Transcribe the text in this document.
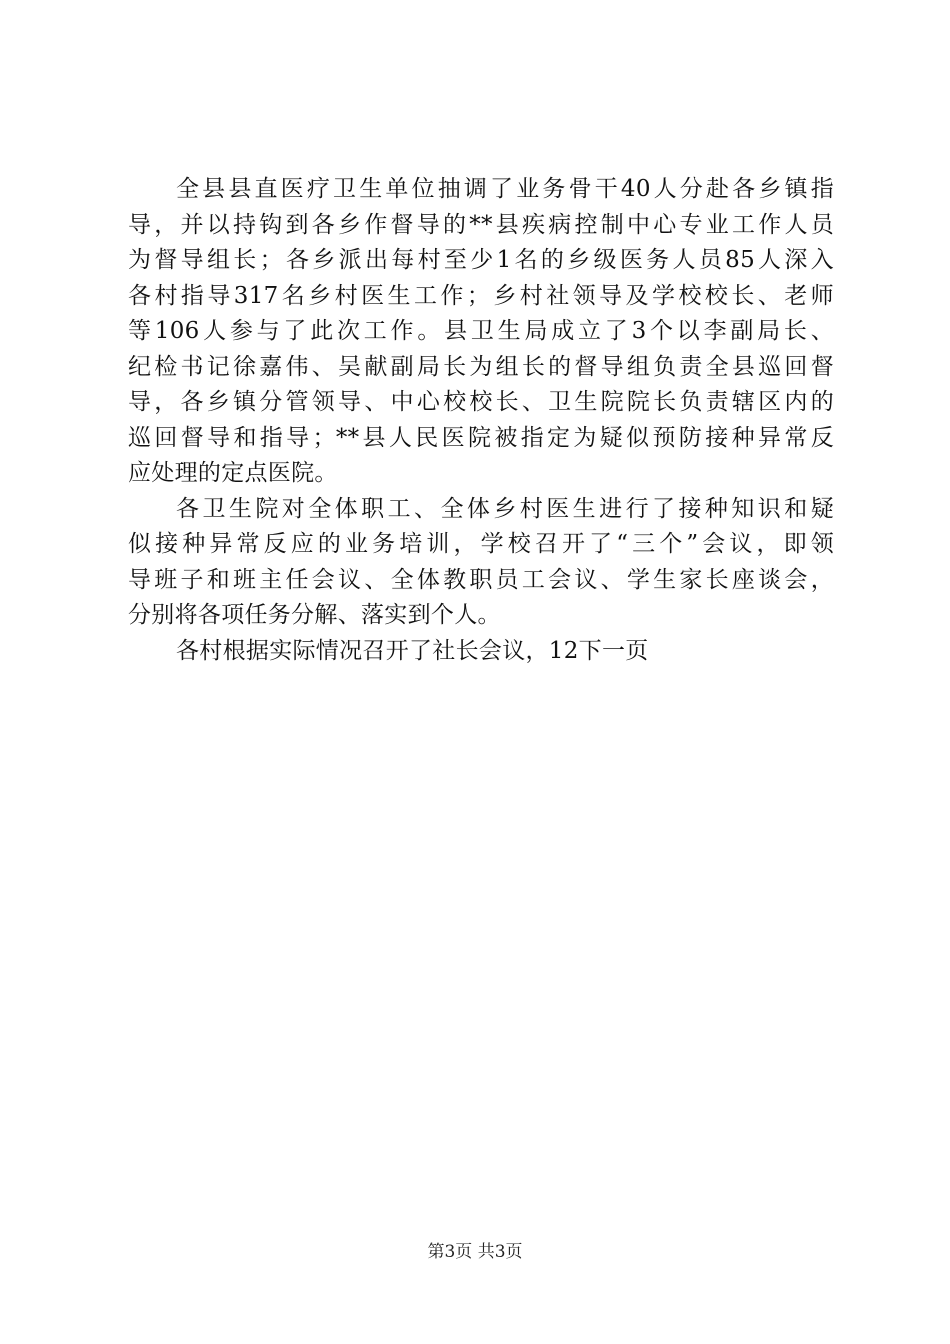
全县县直医疗卫生单位抽调了业务骨干40人分赴各乡镇指
导，并以持钩到各乡作督导的**县疾病控制中心专业工作人员
为督导组长；各乡派出每村至少1名的乡级医务人员85人深入
各村指导317名乡村医生工作；乡村社领导及学校校长、老师
等106人参与了此次工作。县卫生局成立了3个以李副局长、
纪检书记徐嘉伟、吴献副局长为组长的督导组负责全县巡回督
导，各乡镇分管领导、中心校校长、卫生院院长负责辖区内的
巡回督导和指导；**县人民医院被指定为疑似预防接种异常反
应处理的定点医院。
各卫生院对全体职工、全体乡村医生进行了接种知识和疑
似接种异常反应的业务培训，学校召开了“三个”会议，即领
导班子和班主任会议、全体教职员工会议、学生家长座谈会，
分别将各项任务分解、落实到个人。
各村根据实际情况召开了社长会议，12下一页
第3页 共3页
